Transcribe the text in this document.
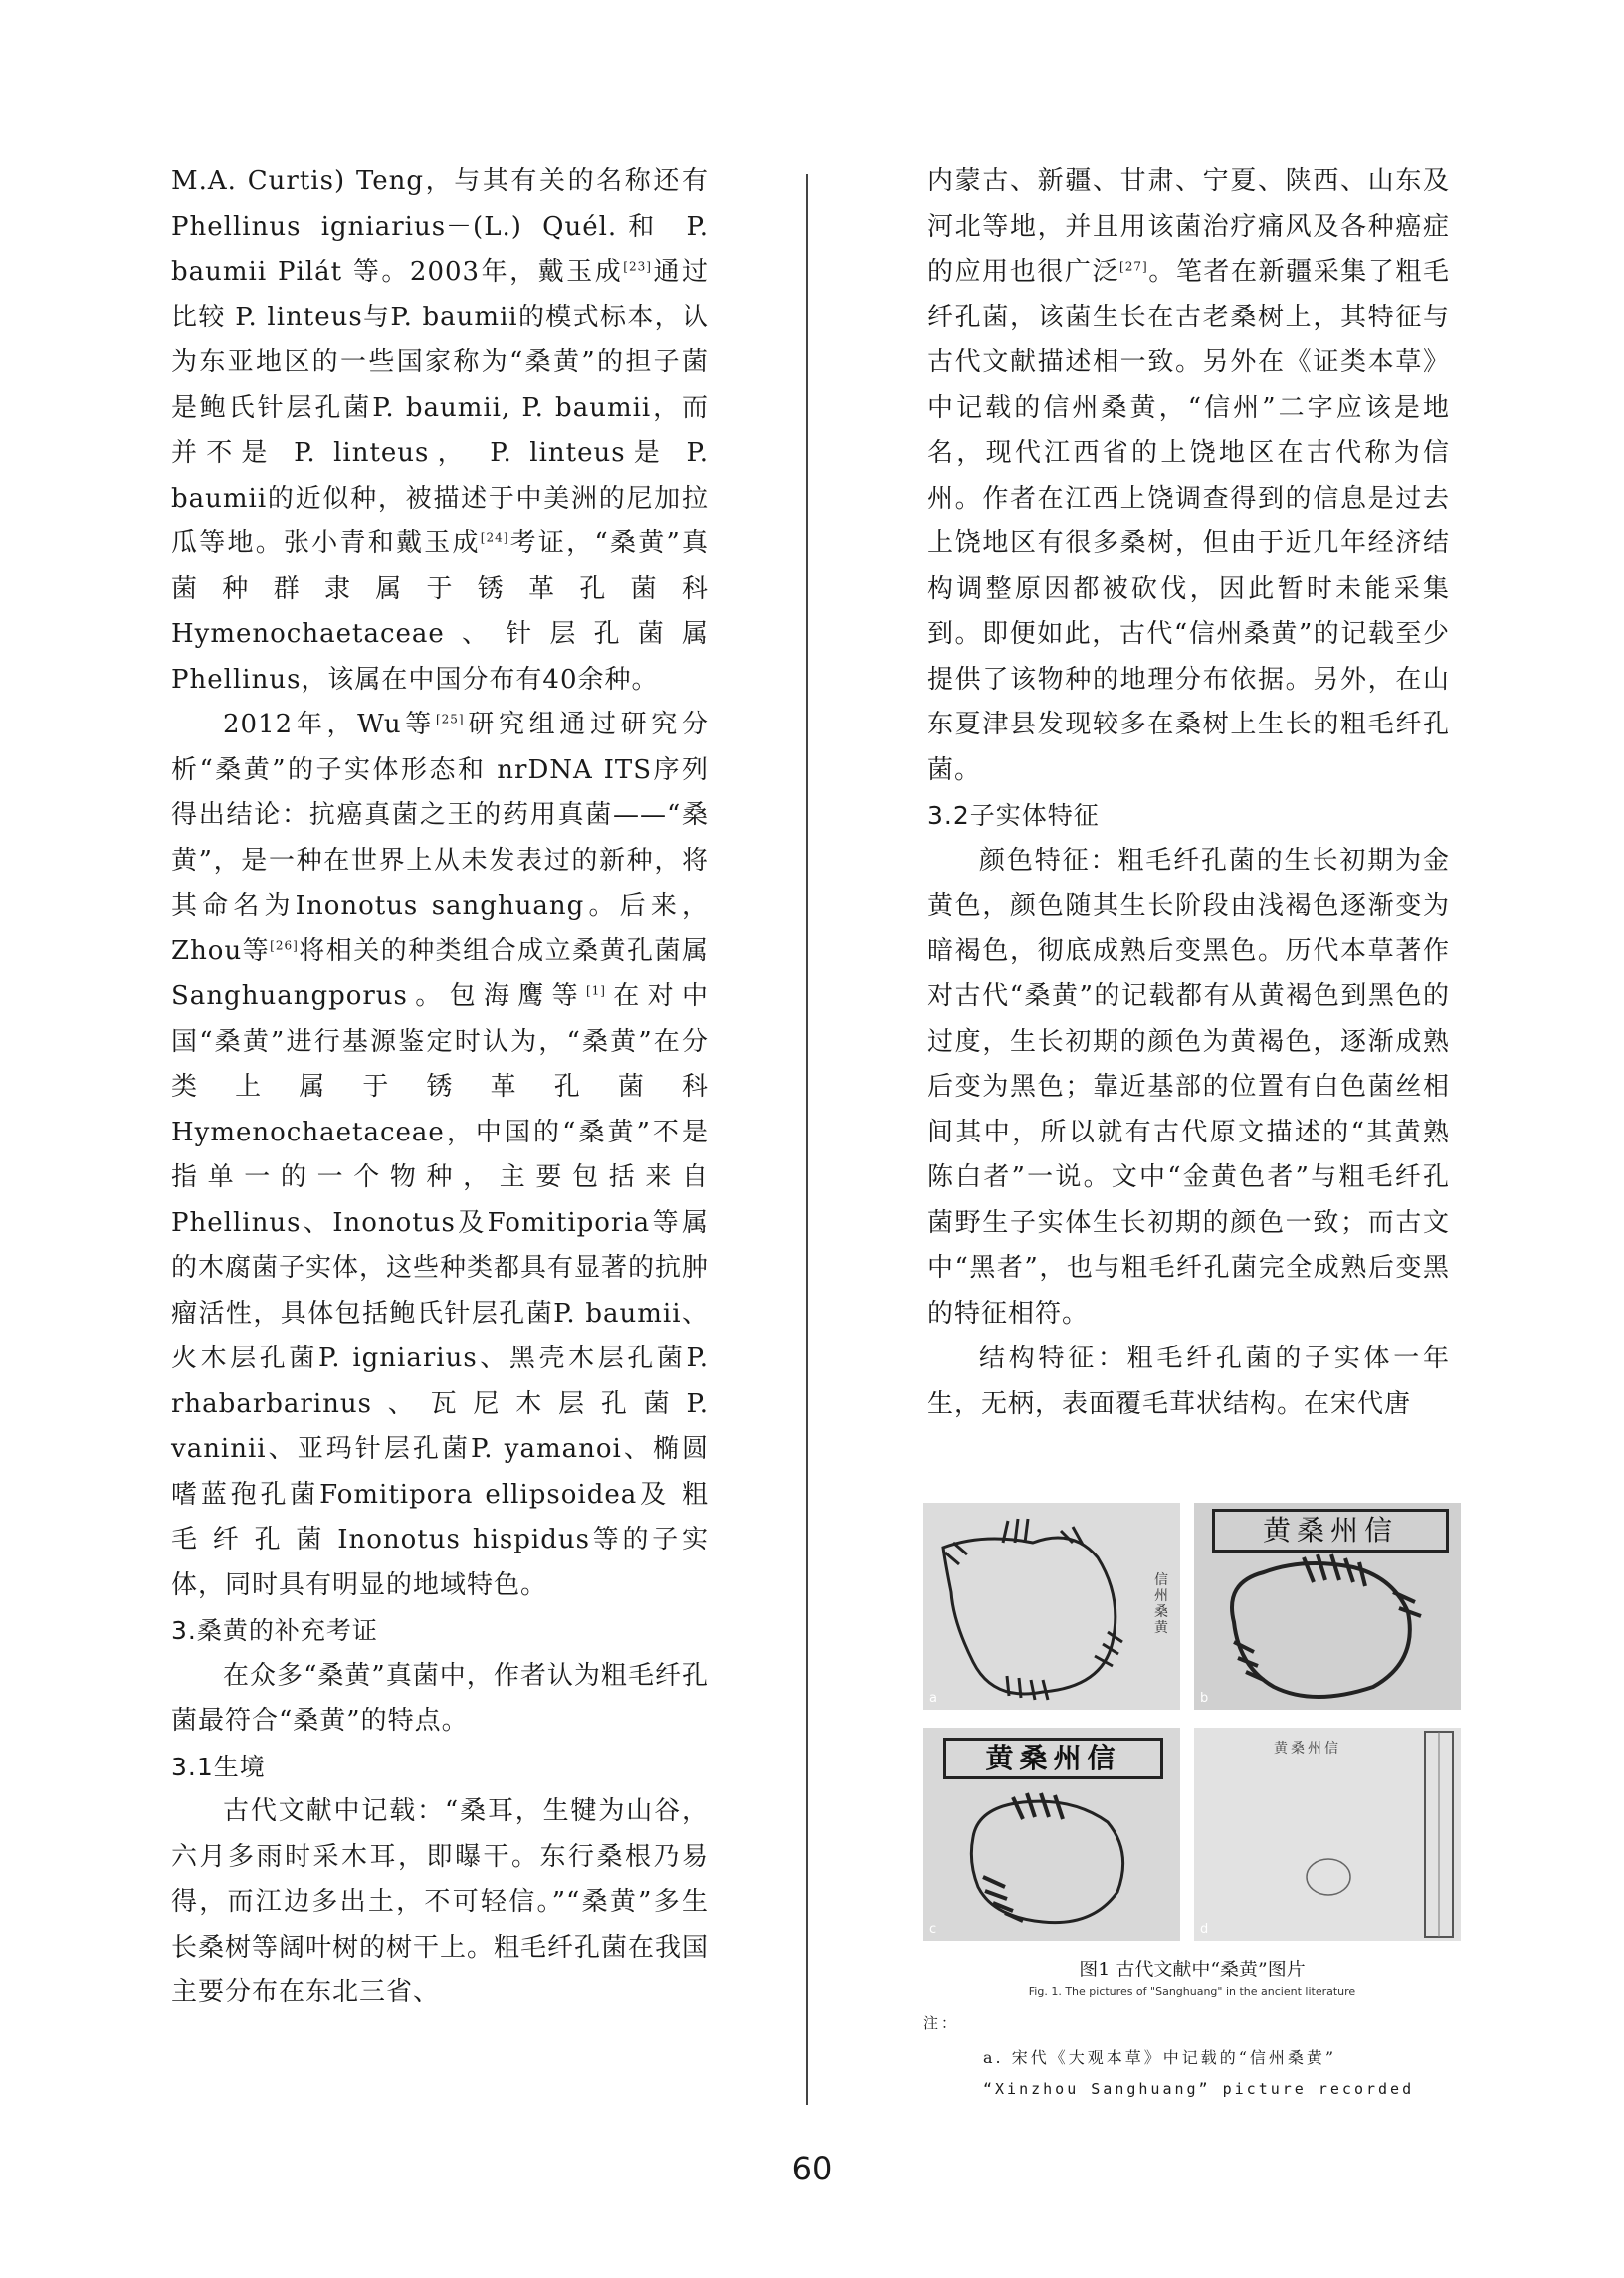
M.A. Curtis) Teng，与其有关的名称还有Phellinus igniarius－(L.) Quél.和 P. baumii Pilát 等。2003年，戴玉成[23]通过比较 P. linteus与P. baumii的模式标本，认为东亚地区的一些国家称为“桑黄”的担子菌是鲍氏针层孔菌P. baumii, P. baumii，而并不是 P. linteus， P. linteus是 P. baumii的近似种，被描述于中美洲的尼加拉瓜等地。张小青和戴玉成[24]考证，“桑黄”真菌种群隶属于锈革孔菌科 Hymenochaetaceae、针层孔菌属 Phellinus，该属在中国分布有40余种。

2012年，Wu等[25]研究组通过研究分析“桑黄”的子实体形态和 nrDNA ITS序列得出结论：抗癌真菌之王的药用真菌——“桑黄”，是一种在世界上从未发表过的新种，将其命名为Inonotus sanghuang。后来，Zhou等[26]将相关的种类组合成立桑黄孔菌属Sanghuangporus。包海鹰等[1]在对中国“桑黄”进行基源鉴定时认为，“桑黄”在分类上属于锈革孔菌科Hymenochaetaceae，中国的“桑黄”不是指单一的一个物种，主要包括来自Phellinus、Inonotus及Fomitiporia等属的木腐菌子实体，这些种类都具有显著的抗肿瘤活性，具体包括鲍氏针层孔菌P. baumii、火木层孔菌P. igniarius、黑壳木层孔菌P. rhabarbarinus、瓦尼木层孔菌P. vaninii、亚玛针层孔菌P. yamanoi、椭圆嗜蓝孢孔菌Fomitipora ellipsoidea及 粗 毛 纤 孔 菌 Inonotus hispidus等的子实体，同时具有明显的地域特色。

3.桑黄的补充考证

在众多“桑黄”真菌中，作者认为粗毛纤孔菌最符合“桑黄”的特点。

3.1生境

古代文献中记载：“桑耳，生犍为山谷，六月多雨时采木耳，即曝干。东行桑根乃易得，而江边多出土，不可轻信。”“桑黄”多生长桑树等阔叶树的树干上。粗毛纤孔菌在我国主要分布在东北三省、

内蒙古、新疆、甘肃、宁夏、陕西、山东及河北等地，并且用该菌治疗痛风及各种癌症的应用也很广泛[27]。笔者在新疆采集了粗毛纤孔菌，该菌生长在古老桑树上，其特征与古代文献描述相一致。另外在《证类本草》中记载的信州桑黄，“信州”二字应该是地名，现代江西省的上饶地区在古代称为信州。作者在江西上饶调查得到的信息是过去上饶地区有很多桑树，但由于近几年经济结构调整原因都被砍伐，因此暂时未能采集到。即便如此，古代“信州桑黄”的记载至少提供了该物种的地理分布依据。另外，在山东夏津县发现较多在桑树上生长的粗毛纤孔菌。

3.2子实体特征

颜色特征：粗毛纤孔菌的生长初期为金黄色，颜色随其生长阶段由浅褐色逐渐变为暗褐色，彻底成熟后变黑色。历代本草著作对古代“桑黄”的记载都有从黄褐色到黑色的过度，生长初期的颜色为黄褐色，逐渐成熟后变为黑色；靠近基部的位置有白色菌丝相间其中，所以就有古代原文描述的“其黄熟陈白者”一说。文中“金黄色者”与粗毛纤孔菌野生子实体生长初期的颜色一致；而古文中“黑者”，也与粗毛纤孔菌完全成熟后变黑的特征相符。

结构特征：粗毛纤孔菌的子实体一年生，无柄，表面覆毛茸状结构。在宋代唐

信州桑黄
a
黄桑州信
b
黄桑州信
c
黄桑州信
d
图1 古代文献中“桑黄”图片
Fig. 1. The pictures of "Sanghuang" in the ancient literature
注：
a. 宋代《大观本草》中记载的“信州桑黄”
“Xinzhou Sanghuang” picture recorded
60
